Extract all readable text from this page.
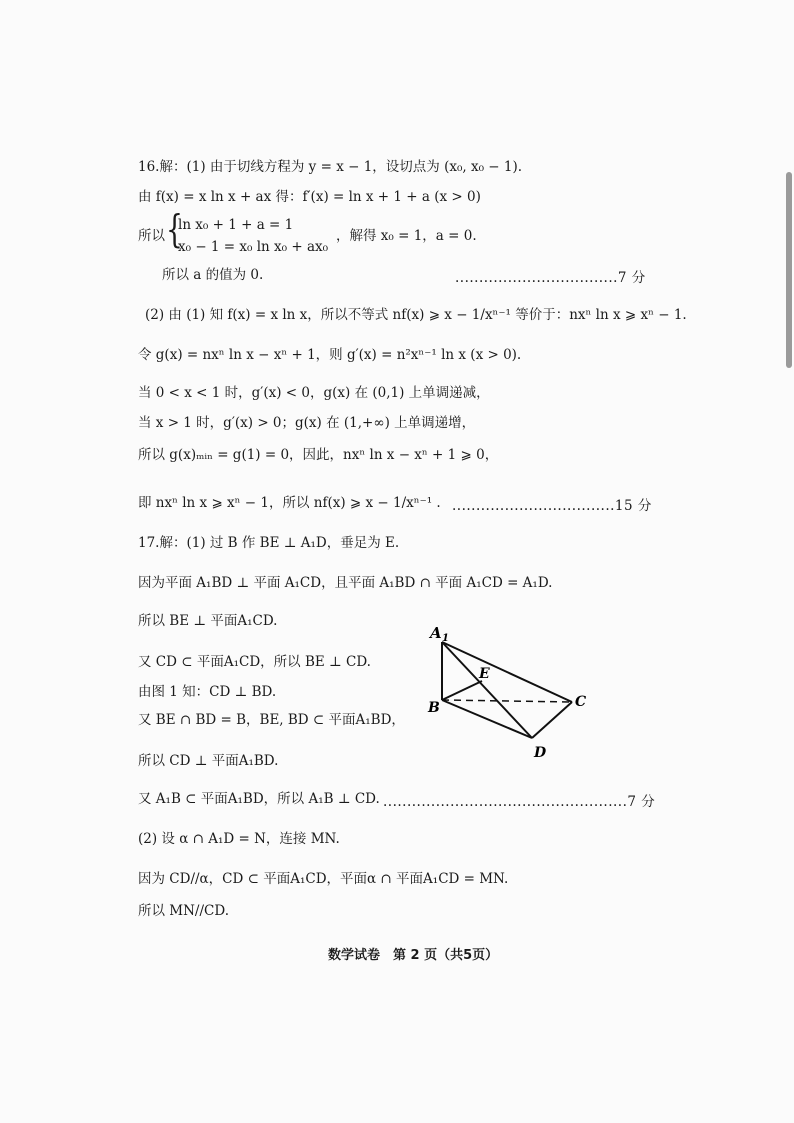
16.解：(1) 由于切线方程为 y = x − 1，设切点为 (x₀, x₀ − 1).
由 f(x) = x ln x + ax 得：f′(x) = ln x + 1 + a (x > 0)
所以 {
ln x₀ + 1 + a = 1
x₀ − 1 = x₀ ln x₀ + ax₀
，解得 x₀ = 1，a = 0.
所以 a 的值为 0.	..................................7 分
(2) 由 (1) 知 f(x) = x ln x，所以不等式 nf(x) ⩾ x − 1/xⁿ⁻¹ 等价于：nxⁿ ln x ⩾ xⁿ − 1.
令 g(x) = nxⁿ ln x − xⁿ + 1，则 g′(x) = n²xⁿ⁻¹ ln x (x > 0).
当 0 < x < 1 时，g′(x) < 0，g(x) 在 (0,1) 上单调递减，
当 x > 1 时，g′(x) > 0；g(x) 在 (1,+∞) 上单调递增，
所以 g(x)ₘᵢₙ = g(1) = 0，因此，nxⁿ ln x − xⁿ + 1 ⩾ 0，
即 nxⁿ ln x ⩾ xⁿ − 1，所以 nf(x) ⩾ x − 1/xⁿ⁻¹ . ..................................15 分
17.解：(1) 过 B 作 BE ⊥ A₁D，垂足为 E.
因为平面 A₁BD ⊥ 平面 A₁CD，且平面 A₁BD ∩ 平面 A₁CD = A₁D.
所以 BE ⊥ 平面A₁CD.
又 CD ⊂ 平面A₁CD，所以 BE ⊥ CD.
由图 1 知：CD ⊥ BD.
又 BE ∩ BD = B，BE, BD ⊂ 平面A₁BD，
所以 CD ⊥ 平面A₁BD.
又 A₁B ⊂ 平面A₁BD，所以 A₁B ⊥ CD. ...................................................7 分
(2) 设 α ∩ A₁D = N，连接 MN.
因为 CD//α，CD ⊂ 平面A₁CD，平面α ∩ 平面A₁CD = MN.
所以 MN//CD.
A 1
E
B	C
D
数学试卷　第 2 页（共5页）
